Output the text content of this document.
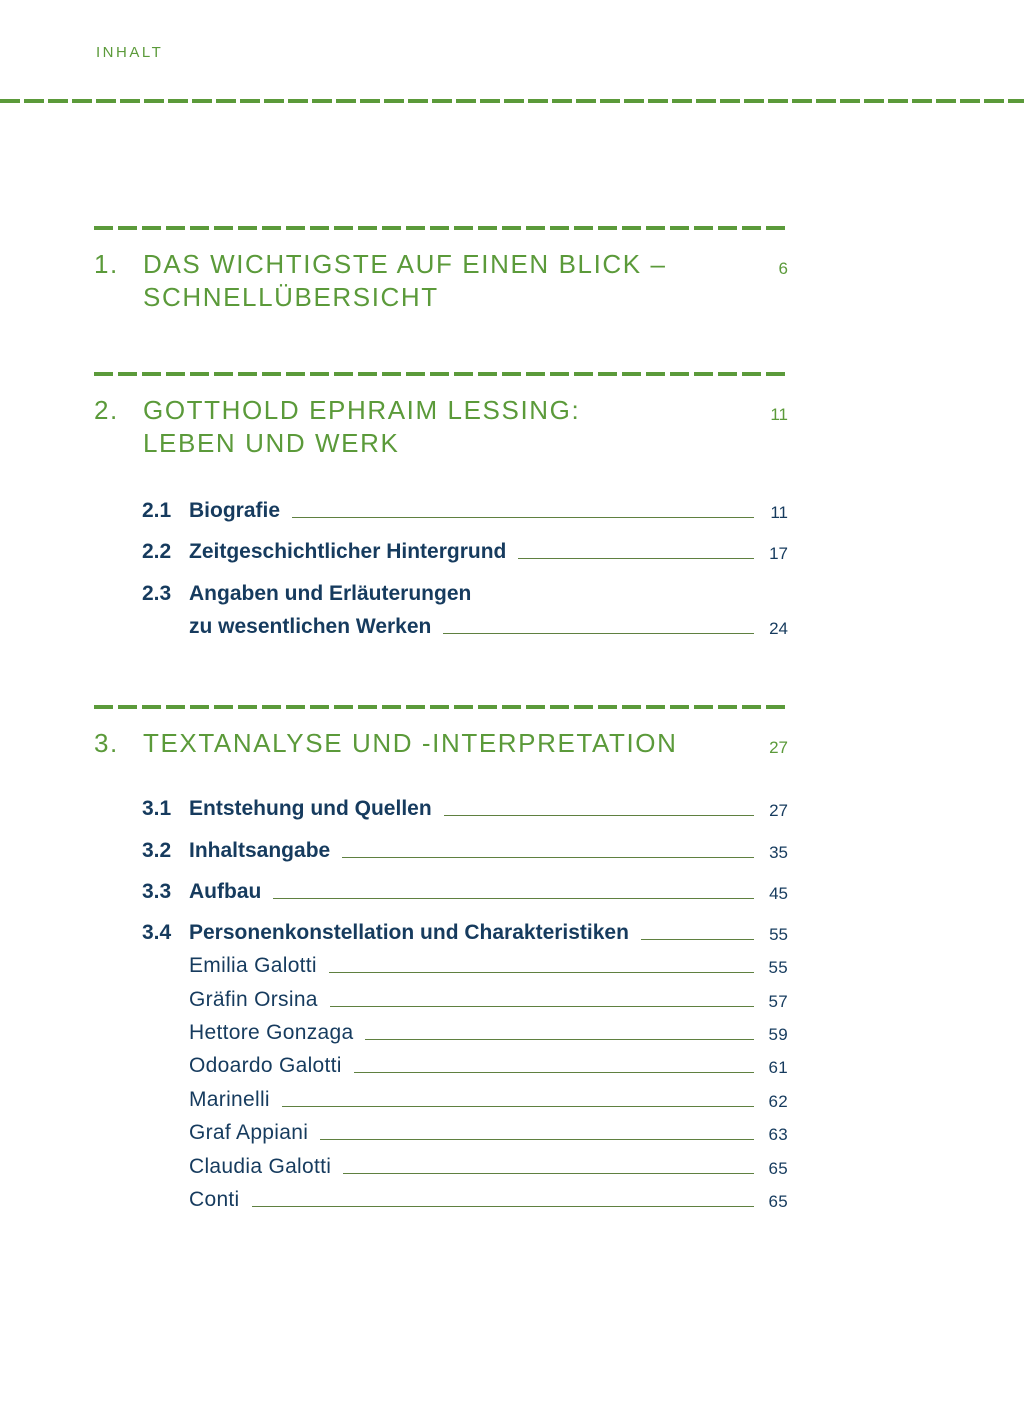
INHALT
1. DAS WICHTIGSTE AUF EINEN BLICK –
SCHNELLÜBERSICHT
6
2. GOTTHOLD EPHRAIM LESSING:
LEBEN UND WERK
11
2.1 Biografie	11
2.2 Zeitgeschichtlicher Hintergrund	17
2.3 Angaben und Erläuterungen
zu wesentlichen Werken	24
3. TEXTANALYSE UND -INTERPRETATION	27
3.1 Entstehung und Quellen	27
3.2 Inhaltsangabe	35
3.3 Aufbau	45
3.4 Personenkonstellation und Charakteristiken	55
Emilia Galotti	55
Gräfin Orsina	57
Hettore Gonzaga	59
Odoardo Galotti	61
Marinelli	62
Graf Appiani	63
Claudia Galotti	65
Conti	65
